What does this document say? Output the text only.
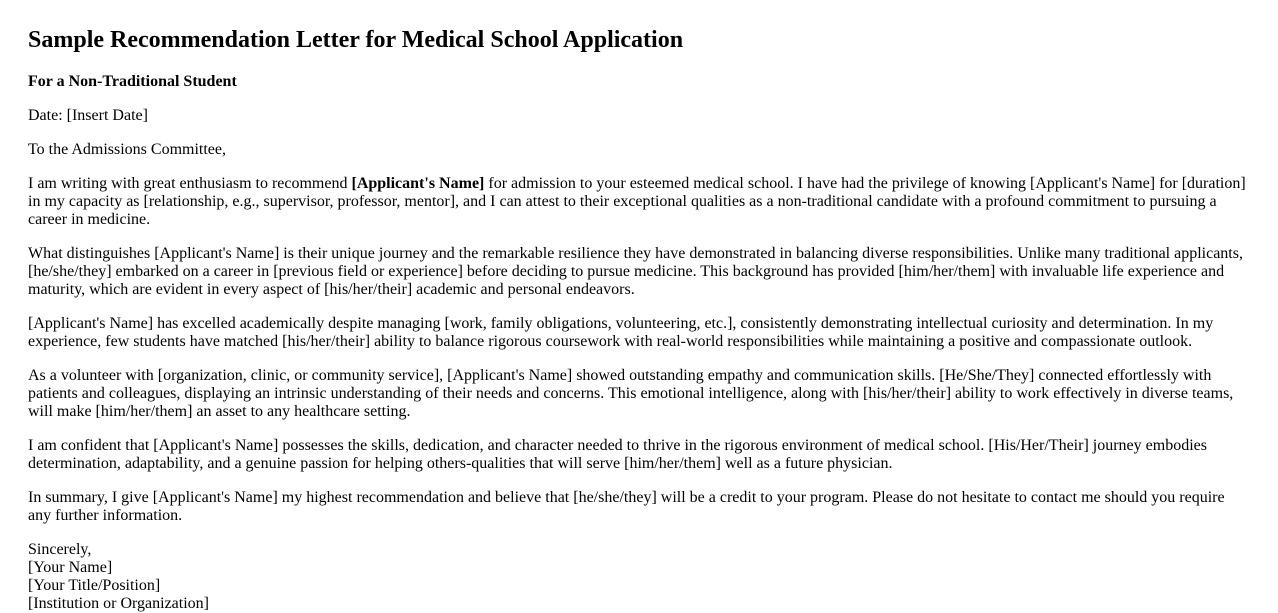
Sample Recommendation Letter for Medical School Application
For a Non-Traditional Student

Date: [Insert Date]

To the Admissions Committee,

I am writing with great enthusiasm to recommend [Applicant's Name] for admission to your esteemed medical school. I have had the privilege of knowing [Applicant's Name] for [duration] in my capacity as [relationship, e.g., supervisor, professor, mentor], and I can attest to their exceptional qualities as a non-traditional candidate with a profound commitment to pursuing a career in medicine.

What distinguishes [Applicant's Name] is their unique journey and the remarkable resilience they have demonstrated in balancing diverse responsibilities. Unlike many traditional applicants, [he/she/they] embarked on a career in [previous field or experience] before deciding to pursue medicine. This background has provided [him/her/them] with invaluable life experience and maturity, which are evident in every aspect of [his/her/their] academic and personal endeavors.

[Applicant's Name] has excelled academically despite managing [work, family obligations, volunteering, etc.], consistently demonstrating intellectual curiosity and determination. In my experience, few students have matched [his/her/their] ability to balance rigorous coursework with real-world responsibilities while maintaining a positive and compassionate outlook.

As a volunteer with [organization, clinic, or community service], [Applicant's Name] showed outstanding empathy and communication skills. [He/She/They] connected effortlessly with patients and colleagues, displaying an intrinsic understanding of their needs and concerns. This emotional intelligence, along with [his/her/their] ability to work effectively in diverse teams, will make [him/her/them] an asset to any healthcare setting.

I am confident that [Applicant's Name] possesses the skills, dedication, and character needed to thrive in the rigorous environment of medical school. [His/Her/Their] journey embodies determination, adaptability, and a genuine passion for helping others-qualities that will serve [him/her/them] well as a future physician.

In summary, I give [Applicant's Name] my highest recommendation and believe that [he/she/they] will be a credit to your program. Please do not hesitate to contact me should you require any further information.

Sincerely,
[Your Name]
[Your Title/Position]
[Institution or Organization]
